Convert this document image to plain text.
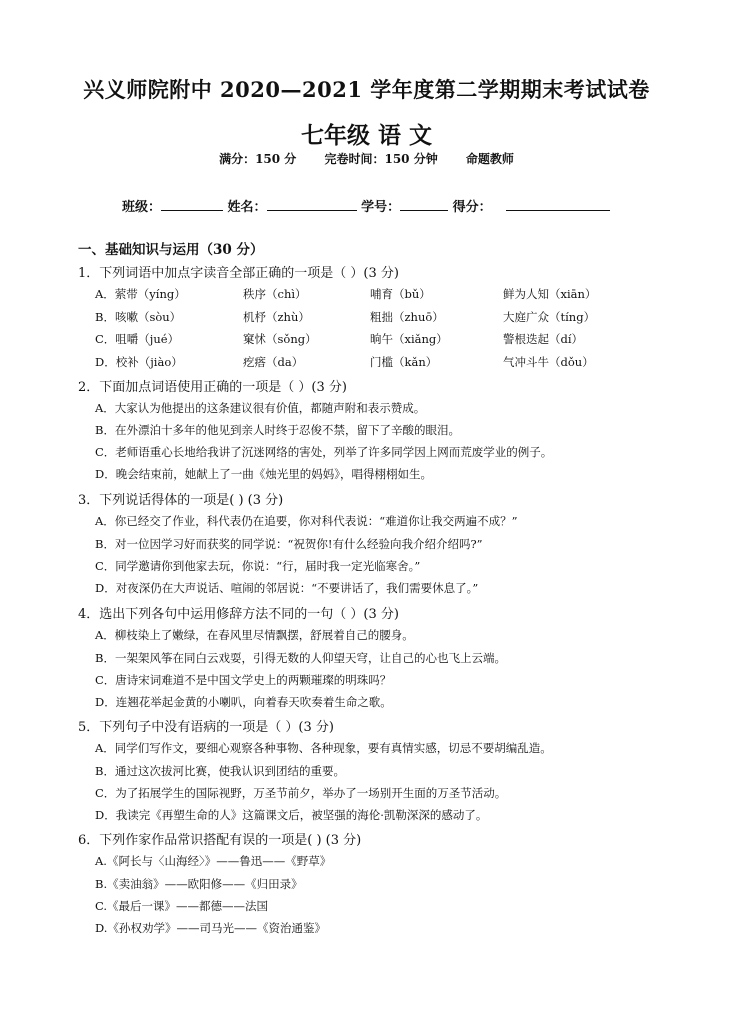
兴义师院附中 2020—2021 学年度第二学期期末考试试卷
七年级 语 文
满分：150 分 完卷时间：150 分钟 命题教师
班级：	姓名：	学号：	得分：
一、基础知识与运用（30 分）
1．下列词语中加点字读音全部正确的一项是（ ）(3 分)
A．萦带（yíng）	秩序（chì）	哺育（bǔ）	鲜为人知（xiān）
B．咳嗽（sòu）	机杼（zhù）	粗拙（zhuō）	大庭广众（tíng）
C．咀嚼（jué）	窠怵（sǒng）	晌午（xiǎng）	警根迭起（dí）
D．校补（jiào）	疙瘩（da）	门槛（kǎn）	气冲斗牛（dǒu）
2．下面加点词语使用正确的一项是（ ）(3 分)
A．大家认为他提出的这条建议很有价值，都随声附和表示赞成。
B．在外漂泊十多年的他见到亲人时终于忍俊不禁，留下了辛酸的眼泪。
C．老师语重心长地给我讲了沉迷网络的害处，列举了许多同学因上网而荒废学业的例子。
D．晚会结束前，她献上了一曲《烛光里的妈妈》，唱得栩栩如生。
3．下列说话得体的一项是( ) (3 分)
A．你已经交了作业，科代表仍在追要，你对科代表说：“难道你让我交两遍不成？”
B．对一位因学习好而获奖的同学说：“祝贺你!有什么经验向我介绍介绍吗?”
C．同学邀请你到他家去玩，你说：“行，届时我一定光临寒舍。”
D．对夜深仍在大声说话、喧闹的邻居说：“不要讲话了，我们需要休息了。”
4．选出下列各句中运用修辞方法不同的一句（ ）(3 分)
A．柳枝染上了嫩绿，在春风里尽情飘摆，舒展着自己的腰身。
B．一架架风筝在同白云戏耍，引得无数的人仰望天穹，让自己的心也飞上云端。
C．唐诗宋词难道不是中国文学史上的两颗璀璨的明珠吗？
D．连翘花举起金黄的小喇叭，向着春天吹奏着生命之歌。
5．下列句子中没有语病的一项是（ ）(3 分)
A．同学们写作文，要细心观察各种事物、各种现象，要有真情实感，切忌不要胡编乱造。
B．通过这次拔河比赛，使我认识到团结的重要。
C．为了拓展学生的国际视野，万圣节前夕，举办了一场别开生面的万圣节活动。
D．我读完《再塑生命的人》这篇课文后，被坚强的海伦·凯勒深深的感动了。
6．下列作家作品常识搭配有误的一项是( ) (3 分)
A.《阿长与〈山海经〉》——鲁迅——《野草》
B.《卖油翁》——欧阳修——《归田录》
C.《最后一课》——都德——法国
D.《孙权劝学》——司马光——《资治通鉴》
